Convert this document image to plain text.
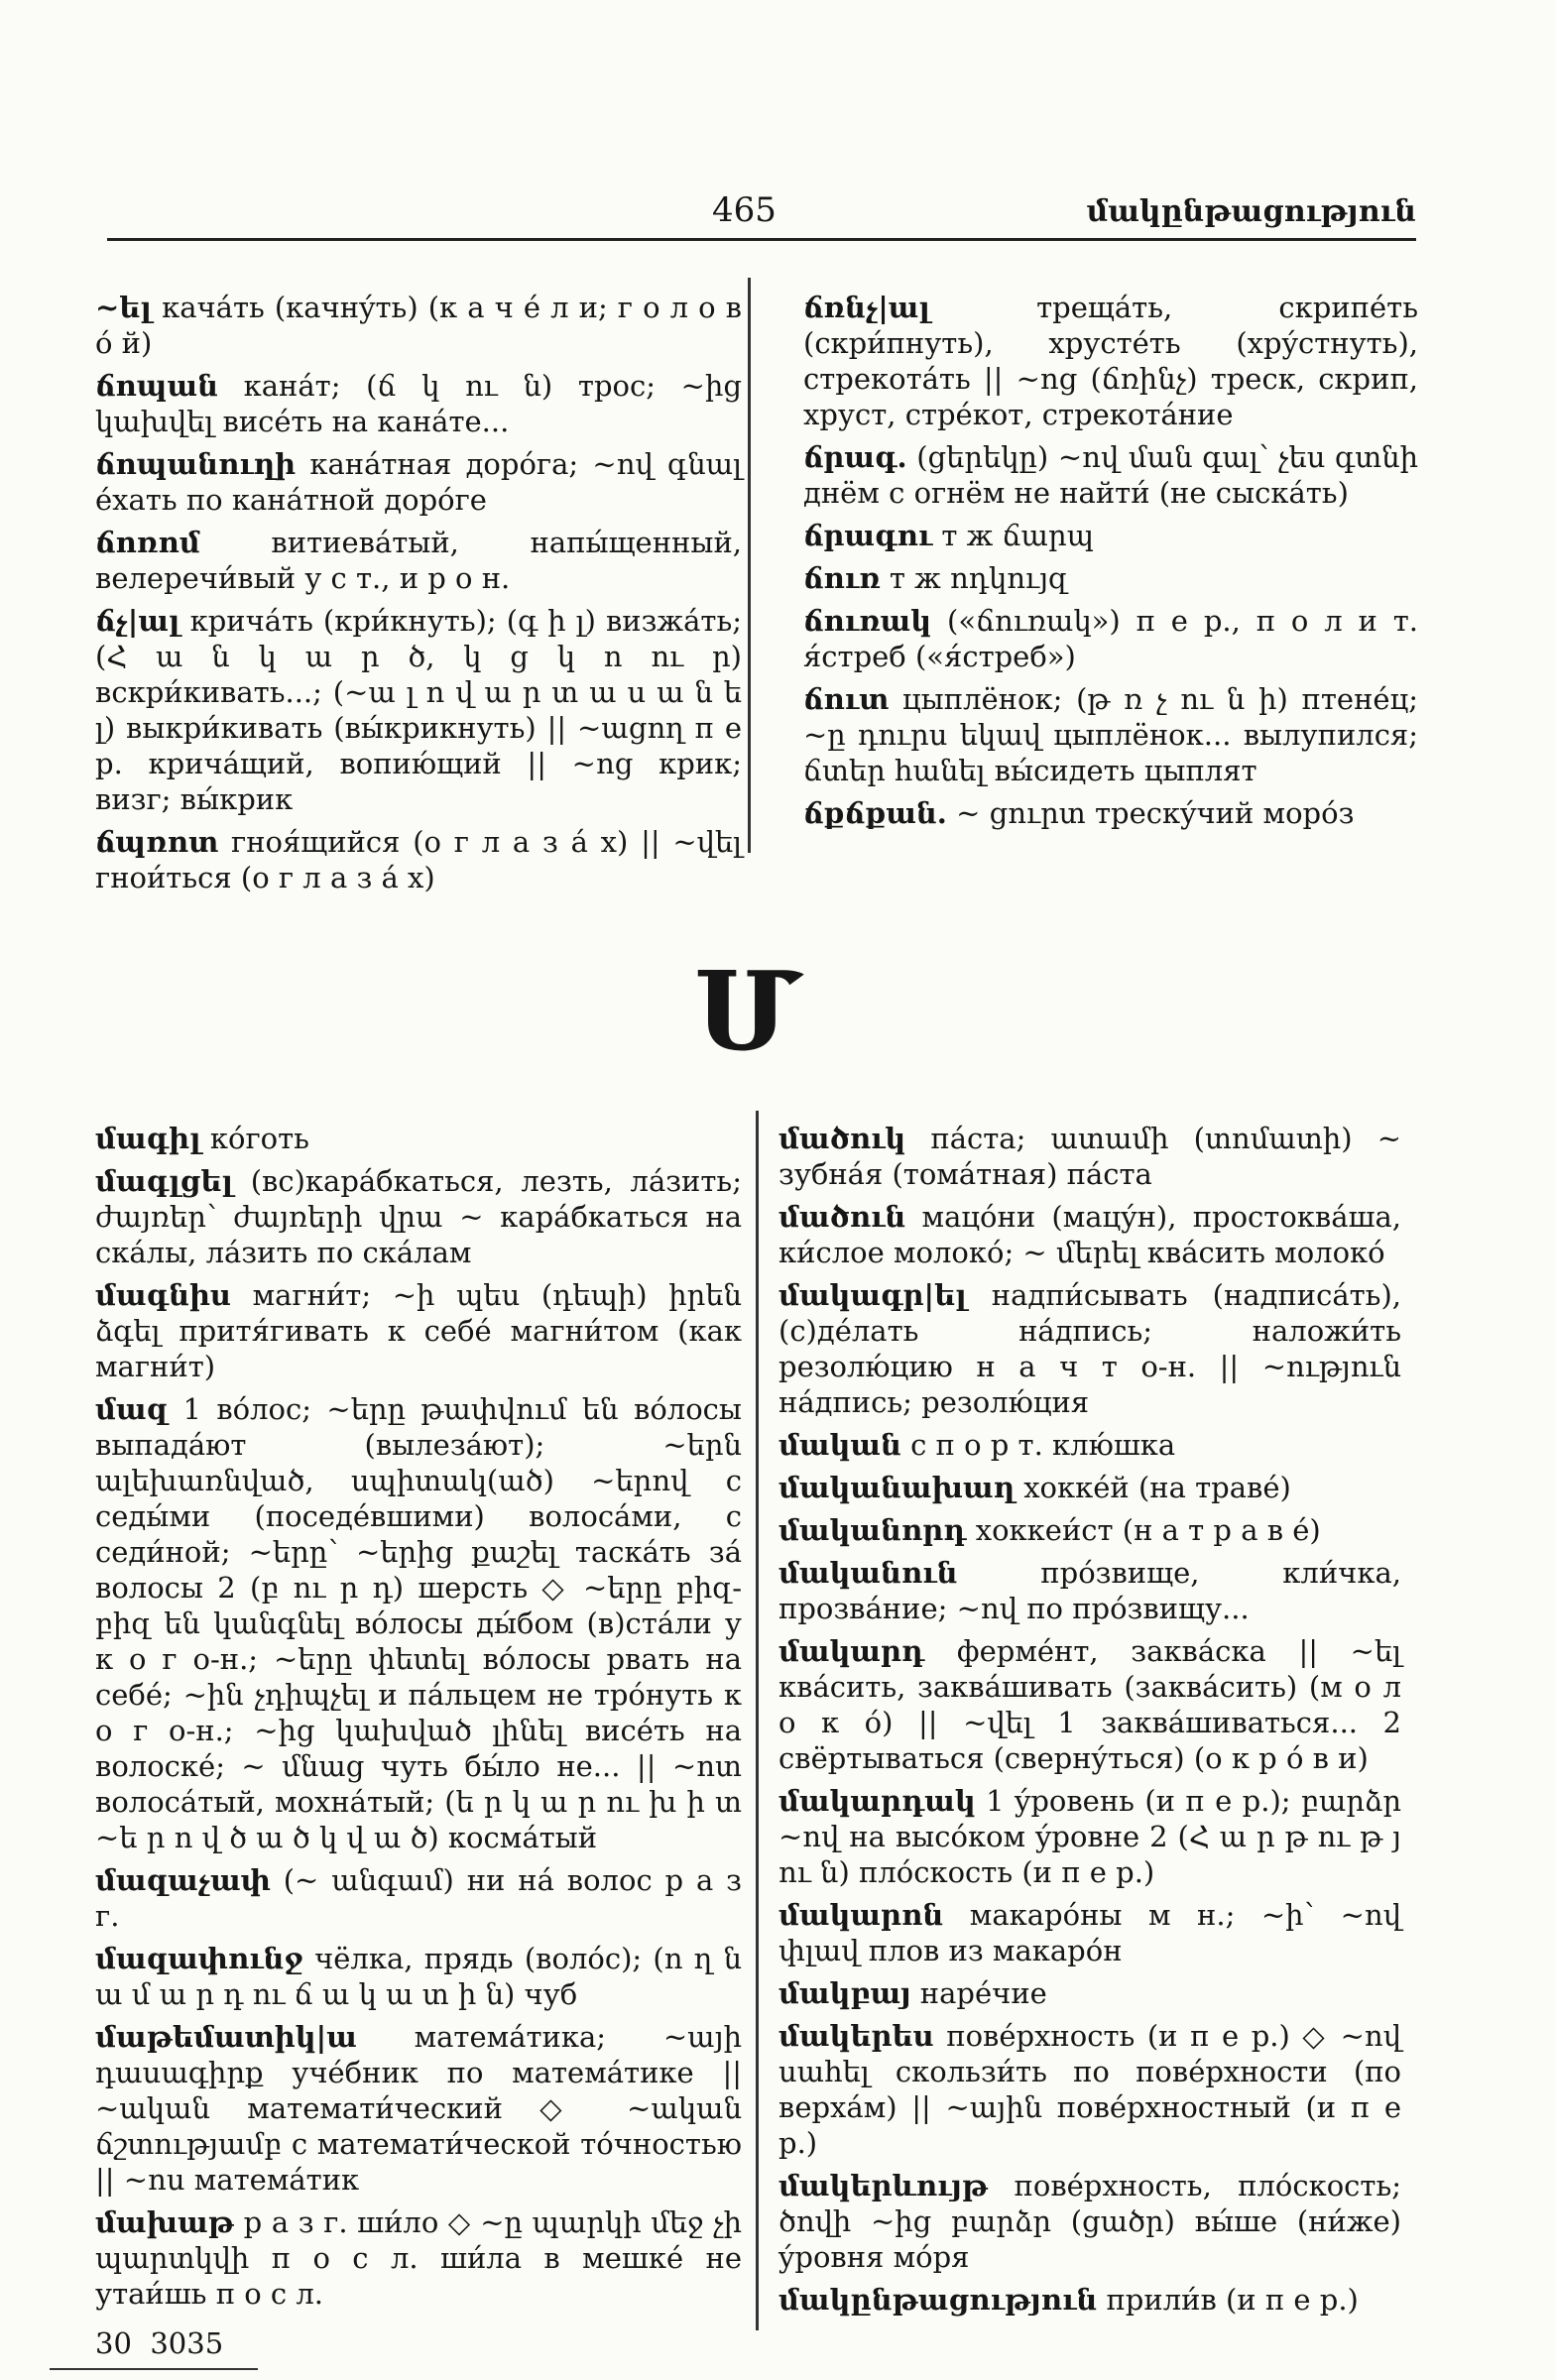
465	մակընթացություն

~ել качáть (качнýть) (к а ч é л и; г о л о в ó й)

ճոպան канáт; (ճ կ ու ն) трос; ~ից կախվել висéть на канáте...

ճոպանուղի канáтная дорóга; ~ով գնալ éхать по канáтной дорóге

ճոռոմ витиевáтый, напы́щенный, велеречи́вый у с т., и р о н.

ճչ|ալ кричáть (кри́кнуть); (գ ի լ) визжáть; (Հ ա ն կ ա ր ծ, կ ց կ ո ու ր) вскри́кивать...; (~ա լ ո վ ա ր տ ա ս ա ն ե լ) выкри́кивать (вы́крикнуть) || ~ացող п е р. кричáщий, вопию́щий || ~ոց крик; визг; вы́крик

ճպռոտ гнoя́щийся (о г л а з á х) || ~վել гнои́ться (о г л а з á х)

ճռնչ|ալ	трещáть, скрипéть (скри́пнуть), хрустéть (хрýстнуть), стрекотáть || ~ոց (ճռինչ) треск, скрип, хруст, стрéкот, стрекотáние

ճրագ. (ցերեկը) ~ով ման գալ՝ չես գտնի днём с огнём не найти́ (не сыскáть)

ճրագու т ж ճարպ

ճուռ т ж ոդկույզ

ճուռակ («ճուռակ») п е р., п о л и т. я́стреб («я́стреб»)

ճուտ цыплёнок; (թ ռ չ ու ն ի) птенéц; ~ը դուրս եկավ цыплёнок... вылупился; ճտեր հանել вы́сидеть цыплят

ճքճքան. ~ ցուրտ трескýчий морóз

Մ

մագիլ кóготь

մագլցել (вс)карáбкаться, лезть, лáзить; ժայռեր՝ ժայռերի վրա ~ карáбкаться на скáлы, лáзить по скáлам

մագնիս магни́т; ~ի պես (դեպի) իրեն ձգել притя́гивать к себé магни́том (как магни́т)

մազ 1 вóлос; ~երը թափվում են вóлосы выпадáют (вылезáют); ~երն ալեխառնված, սպիտակ(ած) ~երով с седы́ми (поседéвшими) волосáми, с седи́ной; ~երը՝ ~երից քաշել таскáть зá волосы 2 (բ ու ր դ) шерсть ◇ ~երը բիզ-բիզ են կանգնել вóлосы ды́бом (в)стáли у к о г о-н.; ~երը փետել вóлосы рвать на себé; ~ին չդիպչել и пáльцем не трóнуть к о г о-н.; ~ից կախված լինել висéть на волоскé; ~ մնաց чуть бы́ло не... || ~ոտ волосáтый, мохнáтый; (ե ր կ ա ր ու խ ի տ ~ե ր ո վ ծ ա ծ կ վ ա ծ) космáтый

մազաչափ (~ անգամ) ни нá волос р а з г.

մազափունջ чёлка, прядь (волóс); (ո ղ ն ա մ ա ր դ ու ճ ա կ ա տ ի ն) чуб

մաթեմատիկ|ա матемáтика; ~այի դասագիրք учéбник по матемáтике || ~ական математи́ческий ◇ ~ական ճշտությամբ с математи́ческой тóчностью || ~ոս матемáтик

մախաթ р а з г. ши́ло ◇ ~ը պարկի մեջ չի պարտկվի п о с л. ши́ла в мешкé не утаи́шь п о с л.

մածուկ пáста; ատամի (տոմատի) ~ зубнáя (томáтная) пáста

մածուն мацóни (мацýн), простоквáша, ки́слое молокó; ~ մերել квáсить молокó

մակագր|ել надпи́сывать (надписáть), (с)дéлать нáдпись; наложи́ть резолю́цию н а ч т о-н. || ~ություն нáдпись; резолю́ция

մական с п о р т. клю́шка

մականախաղ хоккéй (на травé)

մականորդ хоккеи́ст (н а т р а в é)

մականուն	прóзвище, кли́чка, прозвáние; ~ով по прóзвищу...

մակարդ фермéнт, заквáска || ~ել квáсить, заквáшивать (заквáсить) (м о л о к ó) || ~վել 1 заквáшиваться... 2 свёртываться (свернýться) (о к р ó в и)

մակարդակ 1 ýровень (и п е р.); բարձր ~ով на высóком ýровне 2 (Հ ա ր թ ու թ յ ու ն) плóскость (и п е р.)

մակարոն макарóны м н.; ~ի՝ ~ով փլավ плов из макарóн

մակբայ нарéчие

մակերես повéрхность (и п е р.) ◇ ~ով սահել скользи́ть по повéрхности (по верхáм) || ~ային повéрхностный (и п е р.)

մակերևույթ повéрхность, плóскость; ծովի ~ից բարձր (ցածր) вы́ше (ни́же) ýровня мóря

մակընթացություն прили́в (и п е р.)

30 3035
